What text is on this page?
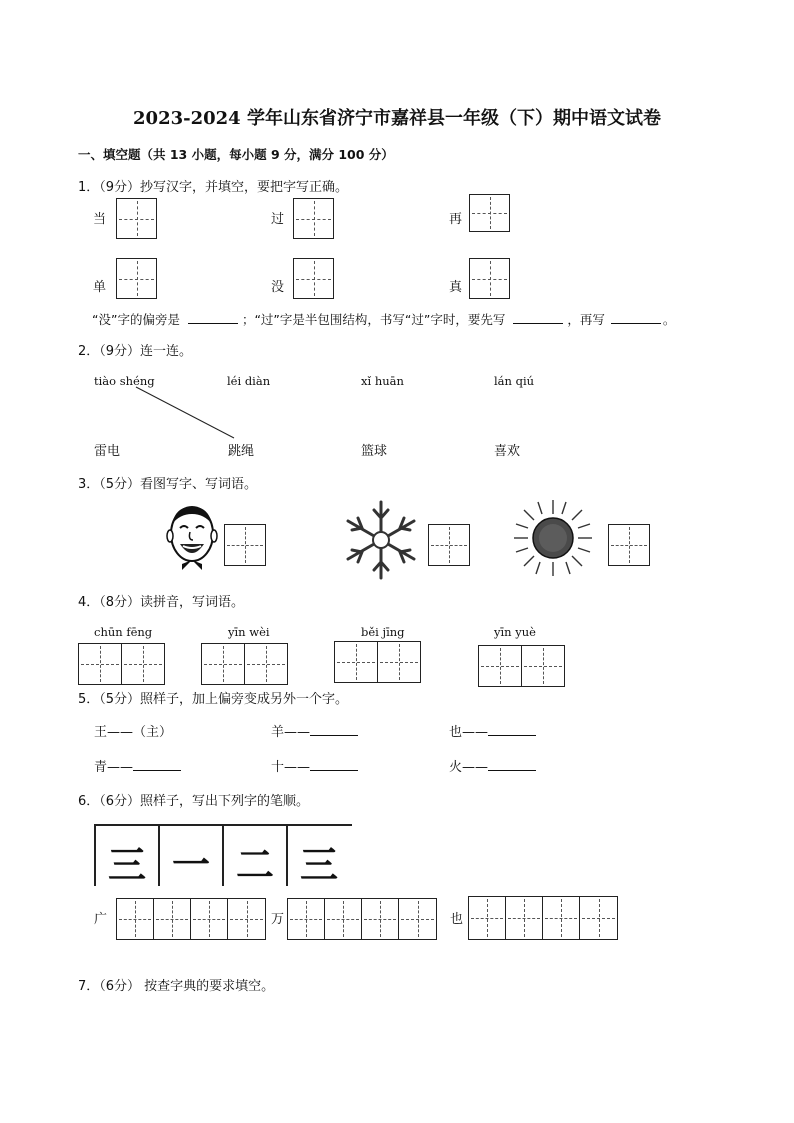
2023-2024 学年山东省济宁市嘉祥县一年级（下）期中语文试卷
一、填空题（共 13 小题，每小题 9 分，满分 100 分）
1．（9分）抄写汉字，并填空，要把字写正确。
当	过	再
单	没	真
“没”字的偏旁是	；“过”字是半包围结构，书写“过”字时，要先写	，再写	。
2．（9分）连一连。
tiào shéng	léi diàn	xǐ huān	lán qiú
雷电	跳绳	篮球	喜欢
3．（5分）看图写字、写词语。
4．（8分）读拼音，写词语。
chūn fēng	yīn wèi	běi jīng	yīn yuè
5．（5分）照样子，加上偏旁变成另外一个字。
王——（主）	羊——	也——
青——	十——	火——
6．（6分）照样子，写出下列字的笔顺。
三 一 二 三
广	万	也
7．（6分） 按查字典的要求填空。
